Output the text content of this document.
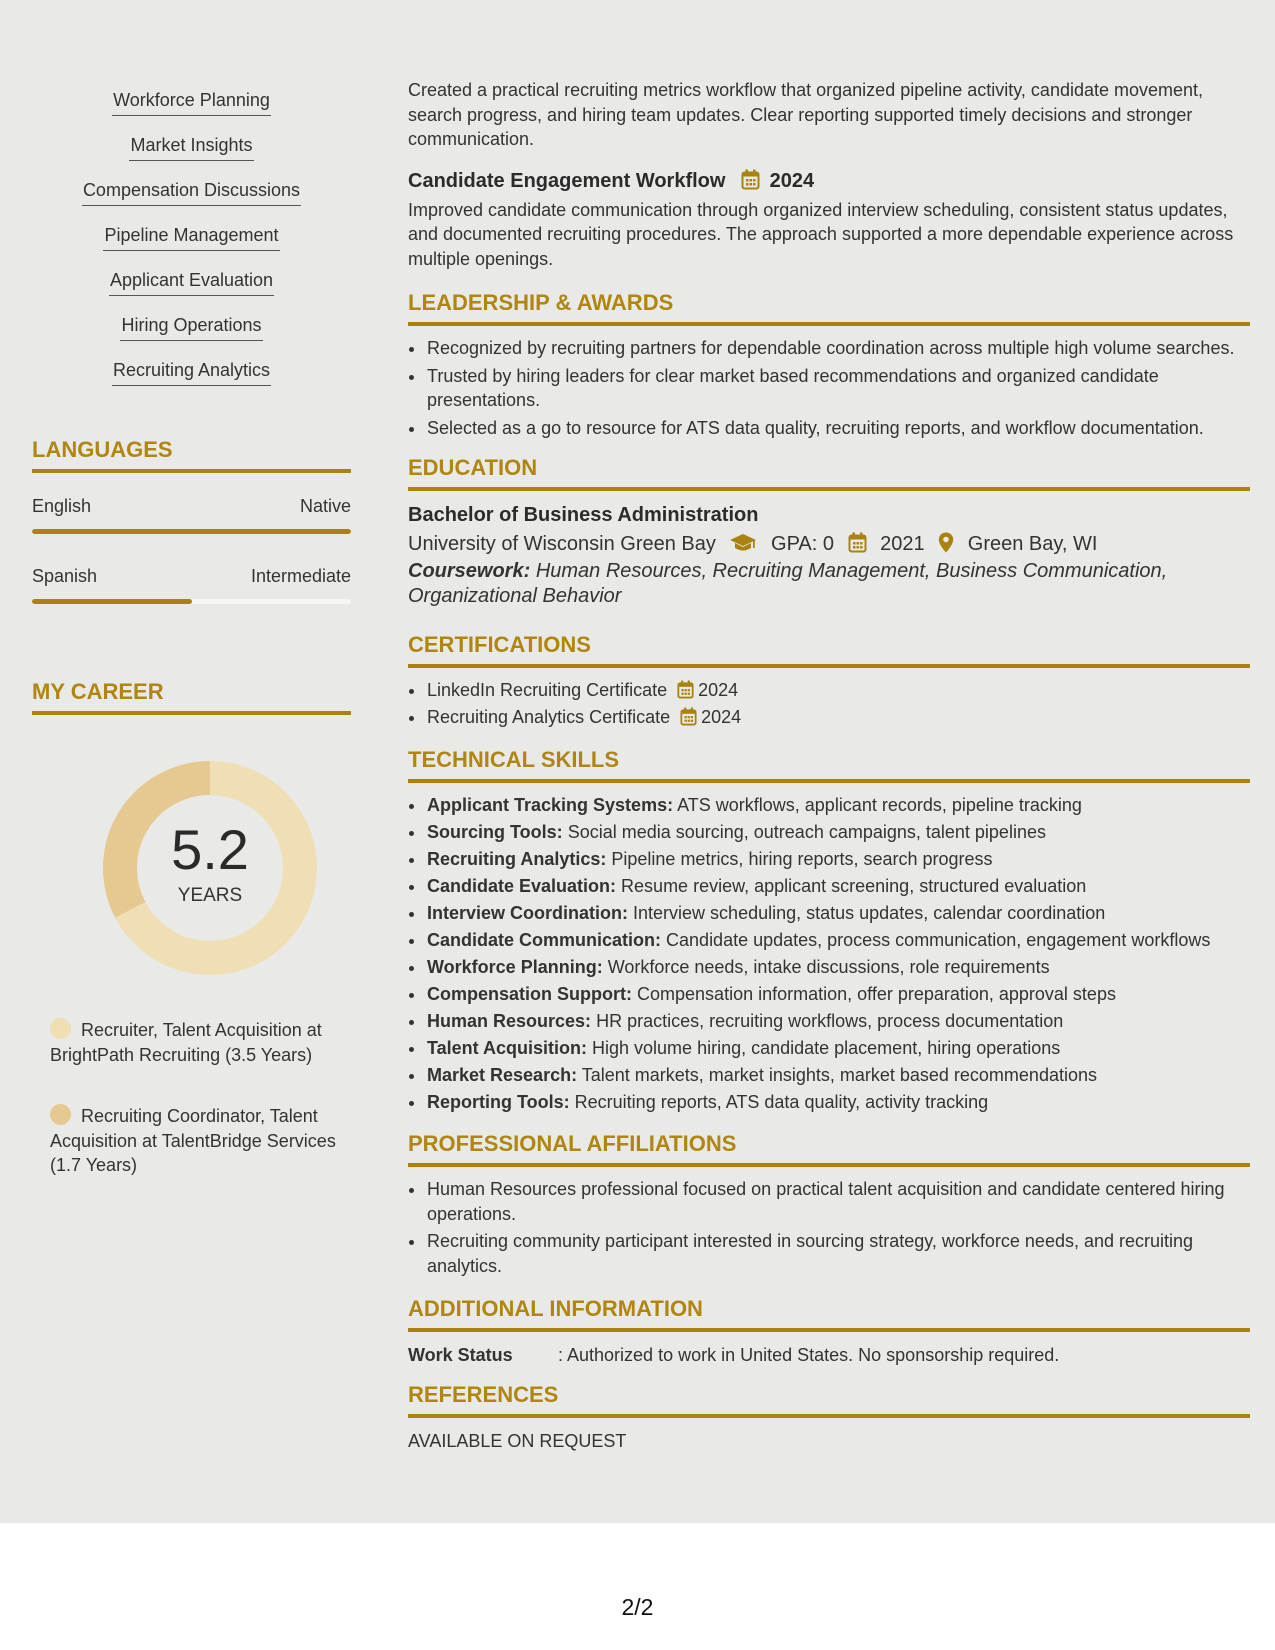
Workforce Planning
Market Insights
Compensation Discussions
Pipeline Management
Applicant Evaluation
Hiring Operations
Recruiting Analytics
LANGUAGES
English	Native
Spanish	Intermediate
MY CAREER
5.2
YEARS
Recruiter, Talent Acquisition at BrightPath Recruiting (3.5 Years)
Recruiting Coordinator, Talent Acquisition at TalentBridge Services (1.7 Years)

Created a practical recruiting metrics workflow that organized pipeline activity, candidate movement, search progress, and hiring team updates. Clear reporting supported timely decisions and stronger communication.

Candidate Engagement Workflow 2024

Improved candidate communication through organized interview scheduling, consistent status updates, and documented recruiting procedures. The approach supported a more dependable experience across multiple openings.

LEADERSHIP & AWARDS
• Recognized by recruiting partners for dependable coordination across multiple high volume searches.
• Trusted by hiring leaders for clear market based recommendations and organized candidate presentations.
• Selected as a go to resource for ATS data quality, recruiting reports, and workflow documentation.
EDUCATION
Bachelor of Business Administration
University of Wisconsin Green Bay	GPA: 0 2021 Green Bay, WI
Coursework: Human Resources, Recruiting Management, Business Communication, Organizational Behavior
CERTIFICATIONS
• LinkedIn Recruiting Certificate 2024
• Recruiting Analytics Certificate 2024
TECHNICAL SKILLS
• Applicant Tracking Systems: ATS workflows, applicant records, pipeline tracking
• Sourcing Tools: Social media sourcing, outreach campaigns, talent pipelines
• Recruiting Analytics: Pipeline metrics, hiring reports, search progress
• Candidate Evaluation: Resume review, applicant screening, structured evaluation
• Interview Coordination: Interview scheduling, status updates, calendar coordination
• Candidate Communication: Candidate updates, process communication, engagement workflows
• Workforce Planning: Workforce needs, intake discussions, role requirements
• Compensation Support: Compensation information, offer preparation, approval steps
• Human Resources: HR practices, recruiting workflows, process documentation
• Talent Acquisition: High volume hiring, candidate placement, hiring operations
• Market Research: Talent markets, market insights, market based recommendations
• Reporting Tools: Recruiting reports, ATS data quality, activity tracking
PROFESSIONAL AFFILIATIONS
• Human Resources professional focused on practical talent acquisition and candidate centered hiring operations.
• Recruiting community participant interested in sourcing strategy, workforce needs, and recruiting analytics.
ADDITIONAL INFORMATION
Work Status	: Authorized to work in United States. No sponsorship required.
REFERENCES
AVAILABLE ON REQUEST
2/2
